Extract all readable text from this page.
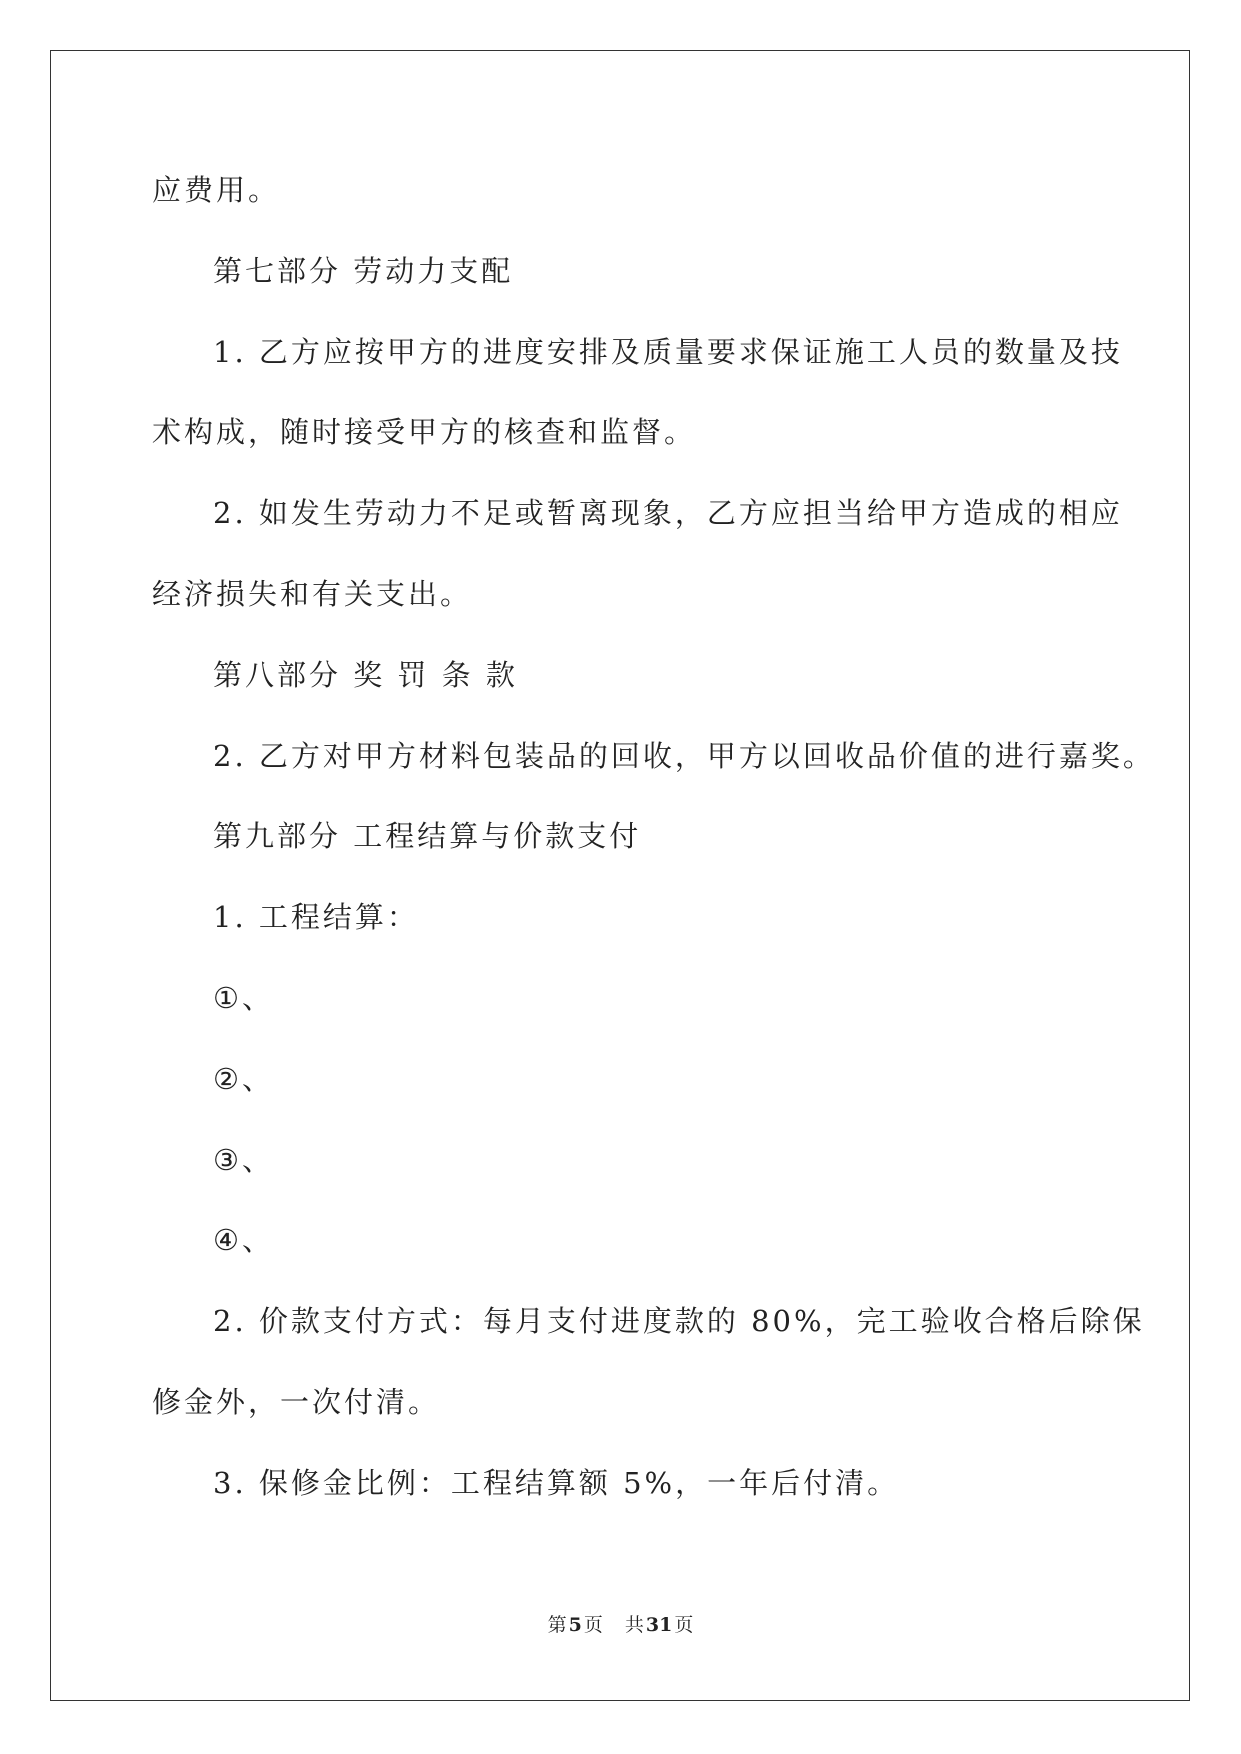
应费用。
第七部分 劳动力支配
1. 乙方应按甲方的进度安排及质量要求保证施工人员的数量及技
术构成，随时接受甲方的核查和监督。
2. 如发生劳动力不足或暂离现象，乙方应担当给甲方造成的相应
经济损失和有关支出。
第八部分 奖 罚 条 款
2. 乙方对甲方材料包装品的回收，甲方以回收品价值的进行嘉奖。
第九部分 工程结算与价款支付
1. 工程结算：
①、
②、
③、
④、
2. 价款支付方式：每月支付进度款的 80%，完工验收合格后除保
修金外，一次付清。
3. 保修金比例：工程结算额 5%，一年后付清。
第 5 页 共 31 页
